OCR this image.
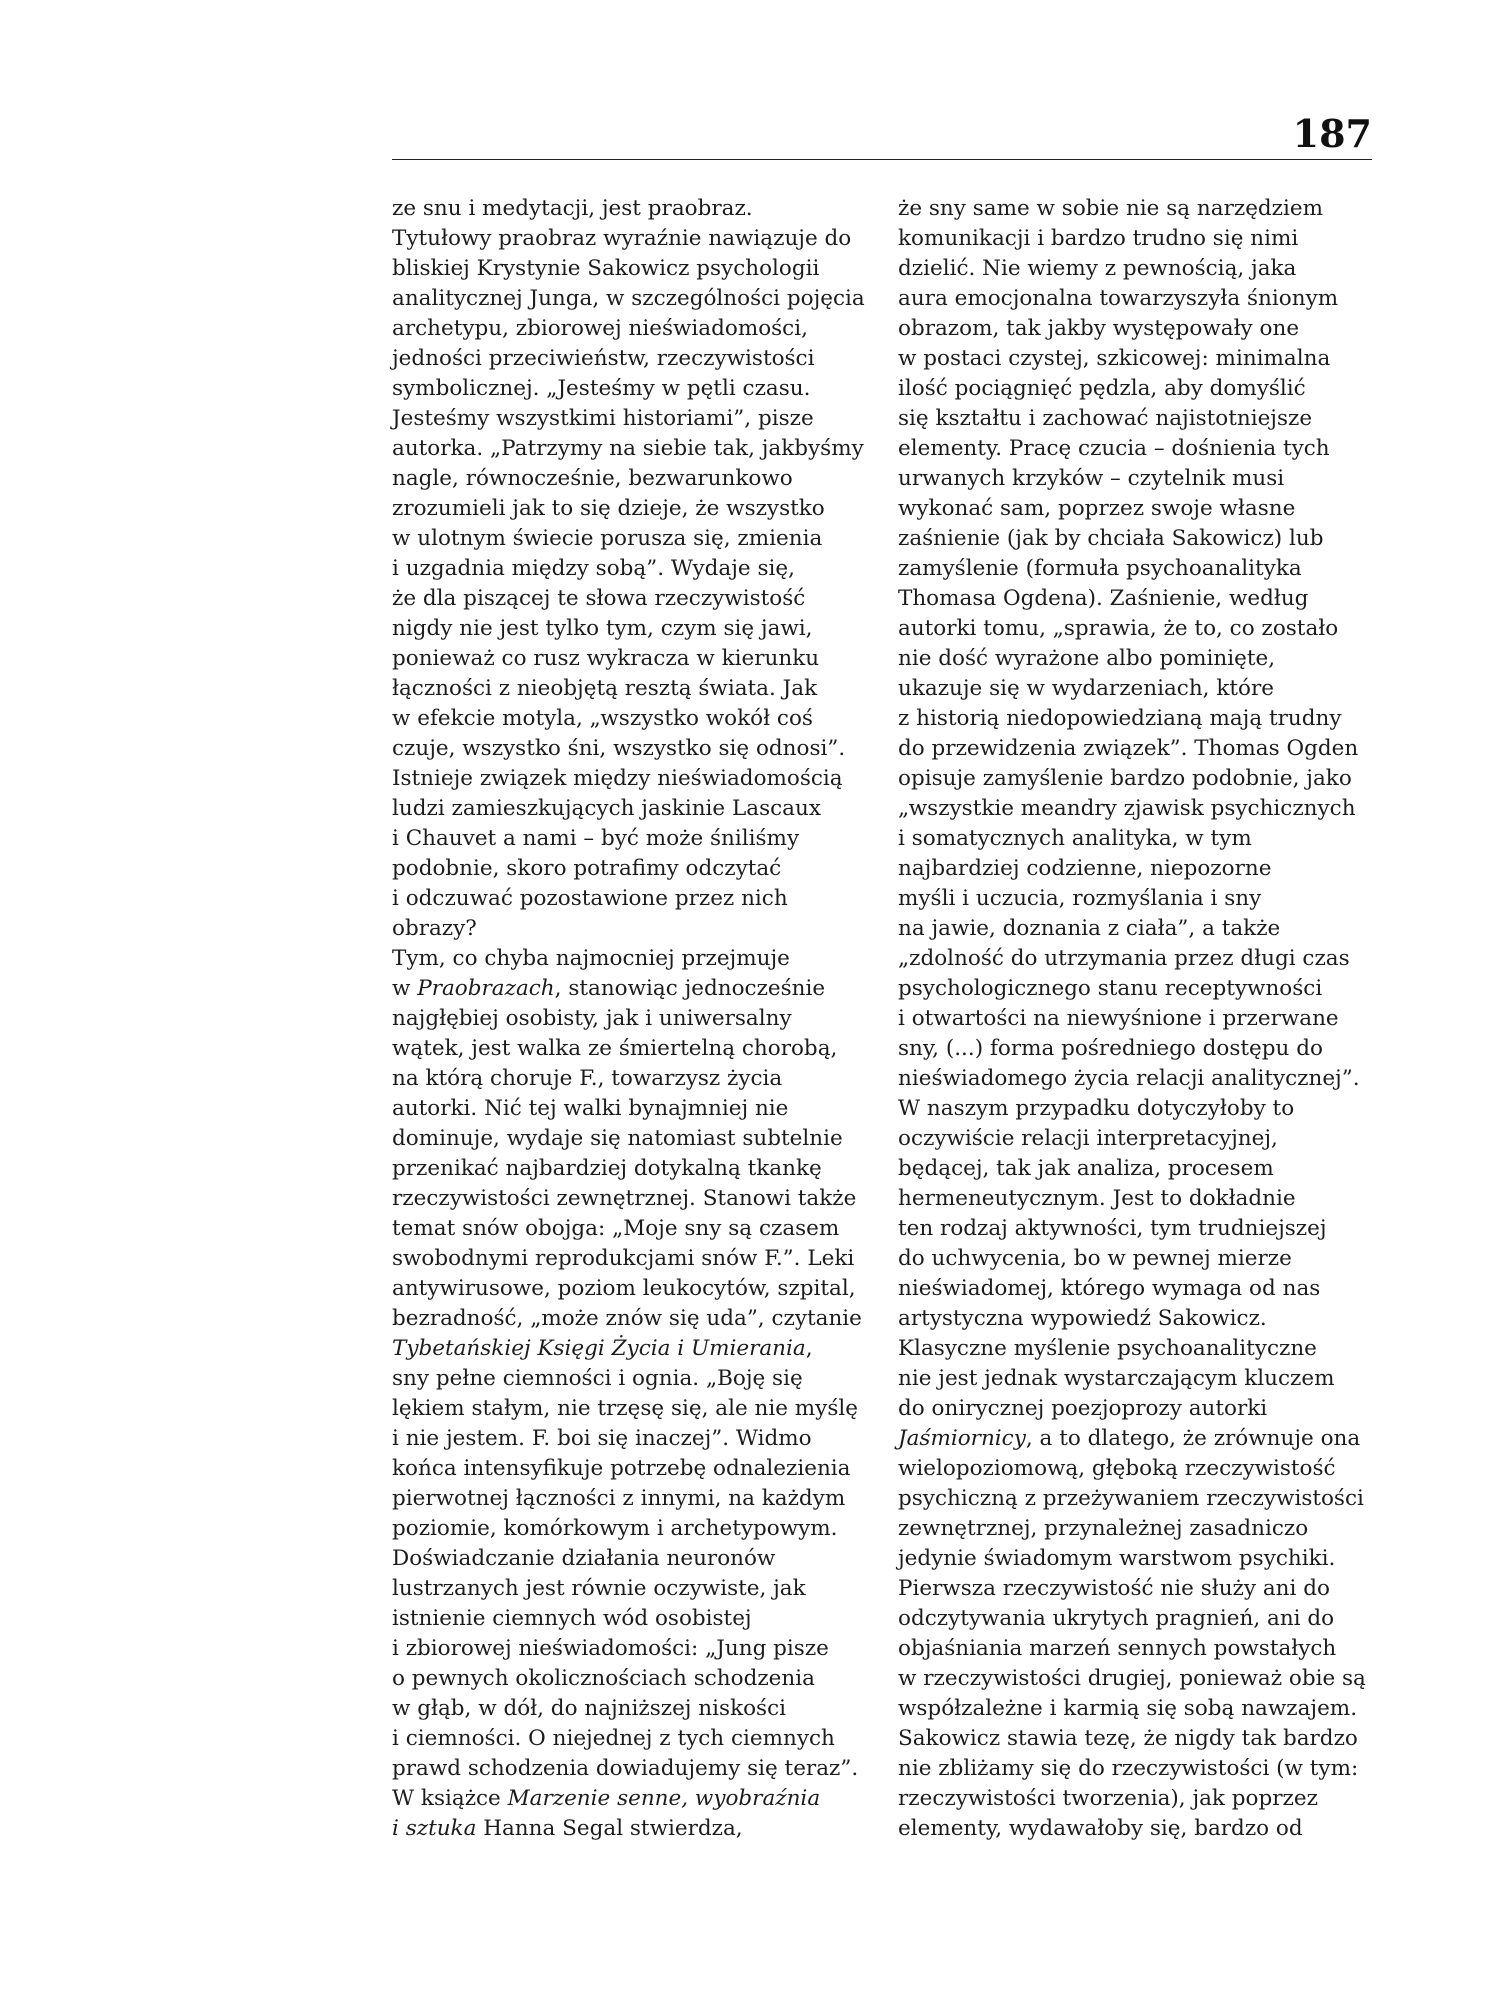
187
ze snu i medytacji, jest praobraz.
Tytułowy praobraz wyraźnie nawiązuje do
bliskiej Krystynie Sakowicz psychologii
analitycznej Junga, w szczególności pojęcia
archetypu, zbiorowej nieświadomości,
jedności przeciwieństw, rzeczywistości
symbolicznej. „Jesteśmy w pętli czasu.
Jesteśmy wszystkimi historiami”, pisze
autorka. „Patrzymy na siebie tak, jakbyśmy
nagle, równocześnie, bezwarunkowo
zrozumieli jak to się dzieje, że wszystko
w ulotnym świecie porusza się, zmienia
i uzgadnia między sobą”. Wydaje się,
że dla piszącej te słowa rzeczywistość
nigdy nie jest tylko tym, czym się jawi,
ponieważ co rusz wykracza w kierunku
łączności z nieobjętą resztą świata. Jak
w efekcie motyla, „wszystko wokół coś
czuje, wszystko śni, wszystko się odnosi”.
Istnieje związek między nieświadomością
ludzi zamieszkujących jaskinie Lascaux
i Chauvet a nami – być może śniliśmy
podobnie, skoro potrafimy odczytać
i odczuwać pozostawione przez nich
obrazy?
Tym, co chyba najmocniej przejmuje
w Praobrazach, stanowiąc jednocześnie
najgłębiej osobisty, jak i uniwersalny
wątek, jest walka ze śmiertelną chorobą,
na którą choruje F., towarzysz życia
autorki. Nić tej walki bynajmniej nie
dominuje, wydaje się natomiast subtelnie
przenikać najbardziej dotykalną tkankę
rzeczywistości zewnętrznej. Stanowi także
temat snów obojga: „Moje sny są czasem
swobodnymi reprodukcjami snów F.”. Leki
antywirusowe, poziom leukocytów, szpital,
bezradność, „może znów się uda”, czytanie
Tybetańskiej Księgi Życia i Umierania,
sny pełne ciemności i ognia. „Boję się
lękiem stałym, nie trzęsę się, ale nie myślę
i nie jestem. F. boi się inaczej”. Widmo
końca intensyfikuje potrzebę odnalezienia
pierwotnej łączności z innymi, na każdym
poziomie, komórkowym i archetypowym.
Doświadczanie działania neuronów
lustrzanych jest równie oczywiste, jak
istnienie ciemnych wód osobistej
i zbiorowej nieświadomości: „Jung pisze
o pewnych okolicznościach schodzenia
w głąb, w dół, do najniższej niskości
i ciemności. O niejednej z tych ciemnych
prawd schodzenia dowiadujemy się teraz”.
W książce Marzenie senne, wyobraźnia
i sztuka Hanna Segal stwierdza,
że sny same w sobie nie są narzędziem
komunikacji i bardzo trudno się nimi
dzielić. Nie wiemy z pewnością, jaka
aura emocjonalna towarzyszyła śnionym
obrazom, tak jakby występowały one
w postaci czystej, szkicowej: minimalna
ilość pociągnięć pędzla, aby domyślić
się kształtu i zachować najistotniejsze
elementy. Pracę czucia – dośnienia tych
urwanych krzyków – czytelnik musi
wykonać sam, poprzez swoje własne
zaśnienie (jak by chciała Sakowicz) lub
zamyślenie (formuła psychoanalityka
Thomasa Ogdena). Zaśnienie, według
autorki tomu, „sprawia, że to, co zostało
nie dość wyrażone albo pominięte,
ukazuje się w wydarzeniach, które
z historią niedopowiedzianą mają trudny
do przewidzenia związek”. Thomas Ogden
opisuje zamyślenie bardzo podobnie, jako
„wszystkie meandry zjawisk psychicznych
i somatycznych analityka, w tym
najbardziej codzienne, niepozorne
myśli i uczucia, rozmyślania i sny
na jawie, doznania z ciała”, a także
„zdolność do utrzymania przez długi czas
psychologicznego stanu receptywności
i otwartości na niewyśnione i przerwane
sny, (...) forma pośredniego dostępu do
nieświadomego życia relacji analitycznej”.
W naszym przypadku dotyczyłoby to
oczywiście relacji interpretacyjnej,
będącej, tak jak analiza, procesem
hermeneutycznym. Jest to dokładnie
ten rodzaj aktywności, tym trudniejszej
do uchwycenia, bo w pewnej mierze
nieświadomej, którego wymaga od nas
artystyczna wypowiedź Sakowicz.
Klasyczne myślenie psychoanalityczne
nie jest jednak wystarczającym kluczem
do onirycznej poezjoprozy autorki
Jaśmiornicy, a to dlatego, że zrównuje ona
wielopoziomową, głęboką rzeczywistość
psychiczną z przeżywaniem rzeczywistości
zewnętrznej, przynależnej zasadniczo
jedynie świadomym warstwom psychiki.
Pierwsza rzeczywistość nie służy ani do
odczytywania ukrytych pragnień, ani do
objaśniania marzeń sennych powstałych
w rzeczywistości drugiej, ponieważ obie są
współzależne i karmią się sobą nawzajem.
Sakowicz stawia tezę, że nigdy tak bardzo
nie zbliżamy się do rzeczywistości (w tym:
rzeczywistości tworzenia), jak poprzez
elementy, wydawałoby się, bardzo od
